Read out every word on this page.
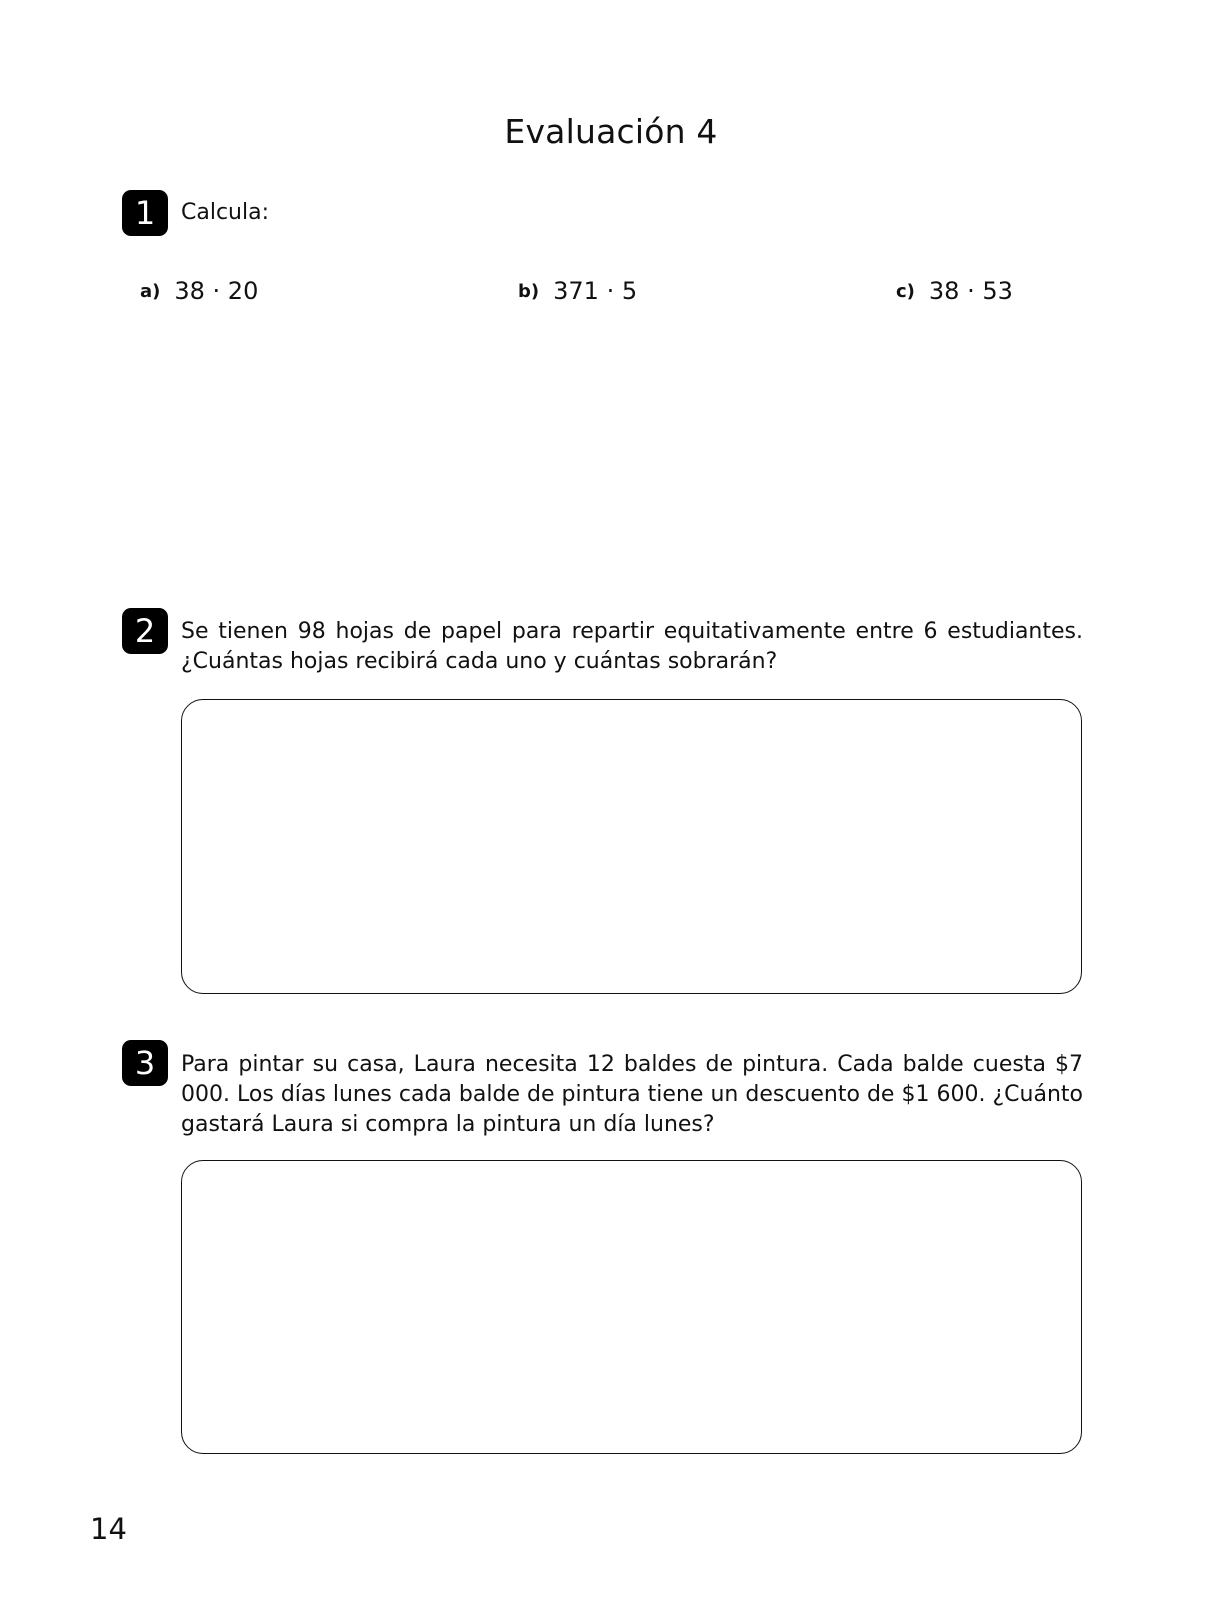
Evaluación 4
1	Calcula:
a) 38 · 20	b) 371 · 5	c) 38 · 53
2	Se tienen 98 hojas de papel para repartir equitativamente entre 6 estudiantes. ¿Cuántas hojas recibirá cada uno y cuántas sobrarán?
3	Para pintar su casa, Laura necesita 12 baldes de pintura. Cada balde cuesta $7 000. Los días lunes cada balde de pintura tiene un descuento de $1 600. ¿Cuánto gastará Laura si compra la pintura un día lunes?
14
